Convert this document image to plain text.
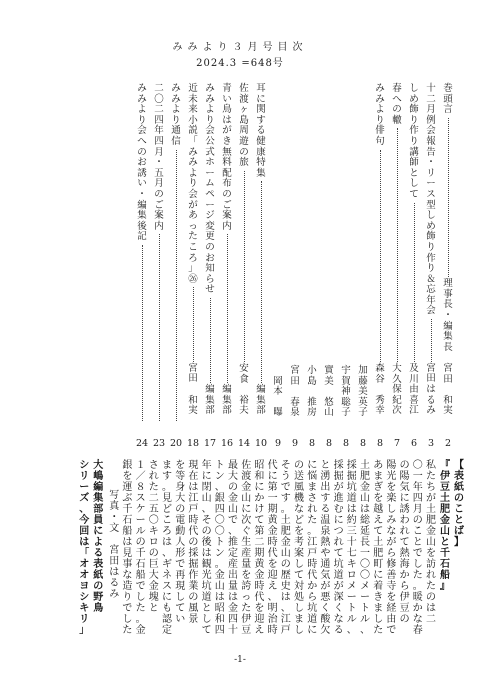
みみより３月号目次
2024.3 =648号
巻
頭
言
理
事
長
・
編
集
長

宮
田

和
実
2
十
二
月
例
会
報
告
・
リ
ー
ス
型
し
め
飾
り
作
り
＆
忘
年
会
宮
田
は
る
み
3
し
め
飾
り
作
り
講
師
と
し
て
及
川
由
喜
江
6
春
へ
の
轍
大
久
保
紀
次
7
み
み
よ
り
俳
句
森
谷

秀
幸
8
加
藤
美
英
子
8
宇
賀
神
聡
子
8
實
美

悠
山
8
小
島

推
房
8
宮
田

春
泉
9
岡
本

曝
9
耳
に
関
す
る
健
康
特
集
編
集
部
10
佐
渡
ヶ
島
周
遊
の
旅
安
食

裕
夫
14
青
い
鳥
は
が
き
無
料
配
布
の
ご
案
内
編
集
部
16
み
み
よ
り
会
公
式
ホ
ー
ム
ペ
ー
ジ
変
更
の
お
知
ら
せ
編
集
部
17
近
未
来
小
説
「
み
み
よ
り
会
が
あ
っ
た
こ
ろ
」
㉖
宮
田

和
実
18
み
み
よ
り
通
信
20
二
〇
二
四
年
四
月
・
五
月
の
ご
案
内
23
み
み
よ
り
会
へ
の
お
誘
い
・
編
集
後
記
24
【
表
紙
の
こ
と
ば
】
『
伊
豆
土
肥
金
山
と
千
石
船
』
私
た
ち
が
土
肥
金
山
を
訪
れ
た
の
は
二
〇
一
年
四
月
の
こ
と
で
し
た
。
暖
か
な
春
の
陽
気
に
誘
わ
れ
て
熱
海
か
ら
伊
豆
の
陽
光
を
楽
し
み
な
が
ら
修
善
寺
を
経
由
で
あ
ま
ぎ
を
越
え
て
土
肥
町
に
着
き
ま
し
た
土
肥
金
山
は
総
延
長
一
〇
〇
メ
ー
ト
ル
、
採
掘
坑
道
は
約
三
十
七
キ
ロ
メ
ー
ト
ル
、
採
掘
が
進
む
に
つ
れ
て
坑
道
が
深
く
な
る
と
湧
出
す
る
温
泉
熱
や
通
気
が
悪
く
酸
欠
に
悩
ま
さ
れ
た
。
江
戸
時
代
か
ら
坑
道
に
の
送
風
機
な
ど
を
考
案
し
て
対
処
し
ま
し
そ
う
で
す
。
土
肥
金
山
の
歴
史
は
、
江
戸
代
に
第
一
期
黄
金
時
代
を
迎
え
、
明
治
時
昭
和
に
か
け
て
第
二
期
黄
金
時
代
を
迎
え
佐
渡
金
山
に
次
ぐ
生
産
量
を
誇
っ
た
伊
豆
最
大
の
金
山
で
、
推
定
産
出
量
は
金
四
十
ト
ン
、
銀
四
〇
〇
ト
ン
。
金
山
は
昭
和
四
年
に
閉
山
、
そ
の
後
は
観
光
坑
道
と
し
て
現
在
は
江
戸
時
代
の
採
掘
作
業
の
風
景
を
等
身
大
の
電
動
人
形
で
再
現
し
て
い
ま
す
。
見
ど
こ
ろ
は
、
ギ
ネ
ス
に
も
認
定
さ
れ
た
二
五
〇
キ
ロ
の
巨
大
金
塊
と
１
／
８
ス
ケ
ー
ル
の
千
石
船
で
し
た
。
金
銀
を
運
ぶ
千
石
船
は
見
事
な
造
り
で
し
た
写
真
・
文

宮
田
は
る
み
大
嶋
編
集
部
員
に
よ
る
表
紙
の
野
鳥
シ
リ
ー
ズ
、
今
回
は
「
オ
オ
ヨ
シ
キ
リ
」
-1-
